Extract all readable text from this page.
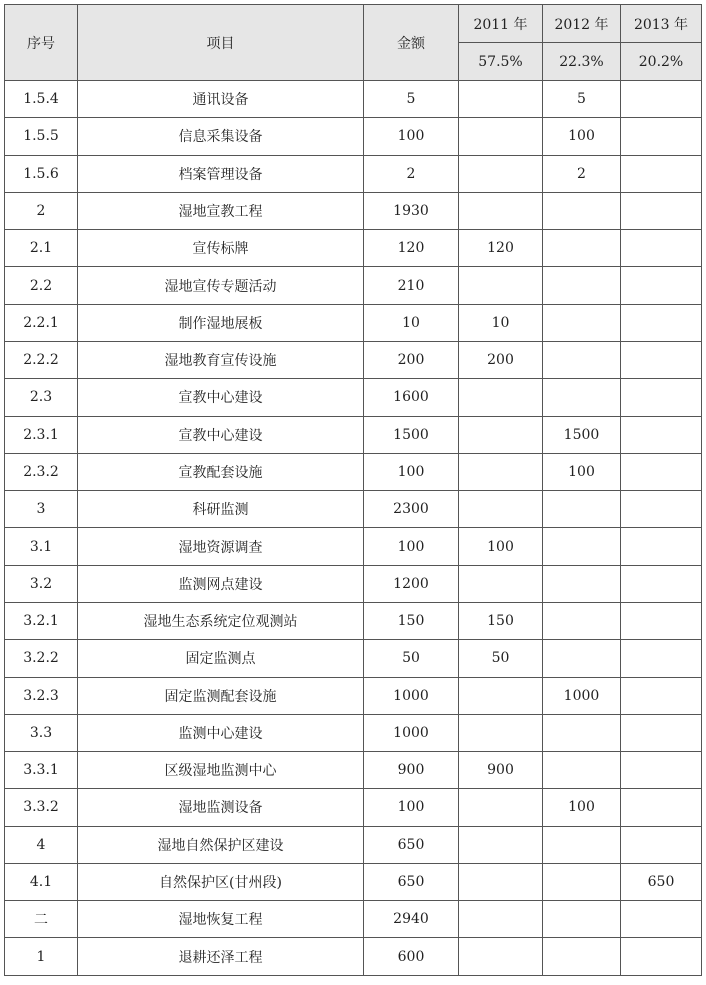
序号	项目	金额	2011 年	2012 年	2013 年
			57.5%	22.3%	20.2%
1.5.4	通讯设备	5		5	
1.5.5	信息采集设备	100		100	
1.5.6	档案管理设备	2		2	
2	湿地宣教工程	1930			
2.1	宣传标牌	120	120		
2.2	湿地宣传专题活动	210			
2.2.1	制作湿地展板	10	10		
2.2.2	湿地教育宣传设施	200	200		
2.3	宣教中心建设	1600			
2.3.1	宣教中心建设	1500		1500	
2.3.2	宣教配套设施	100		100	
3	科研监测	2300			
3.1	湿地资源调查	100	100		
3.2	监测网点建设	1200			
3.2.1	湿地生态系统定位观测站	150	150		
3.2.2	固定监测点	50	50		
3.2.3	固定监测配套设施	1000		1000	
3.3	监测中心建设	1000			
3.3.1	区级湿地监测中心	900	900		
3.3.2	湿地监测设备	100		100	
4	湿地自然保护区建设	650			
4.1	自然保护区(甘州段)	650			650
二	湿地恢复工程	2940			
1	退耕还泽工程	600			
